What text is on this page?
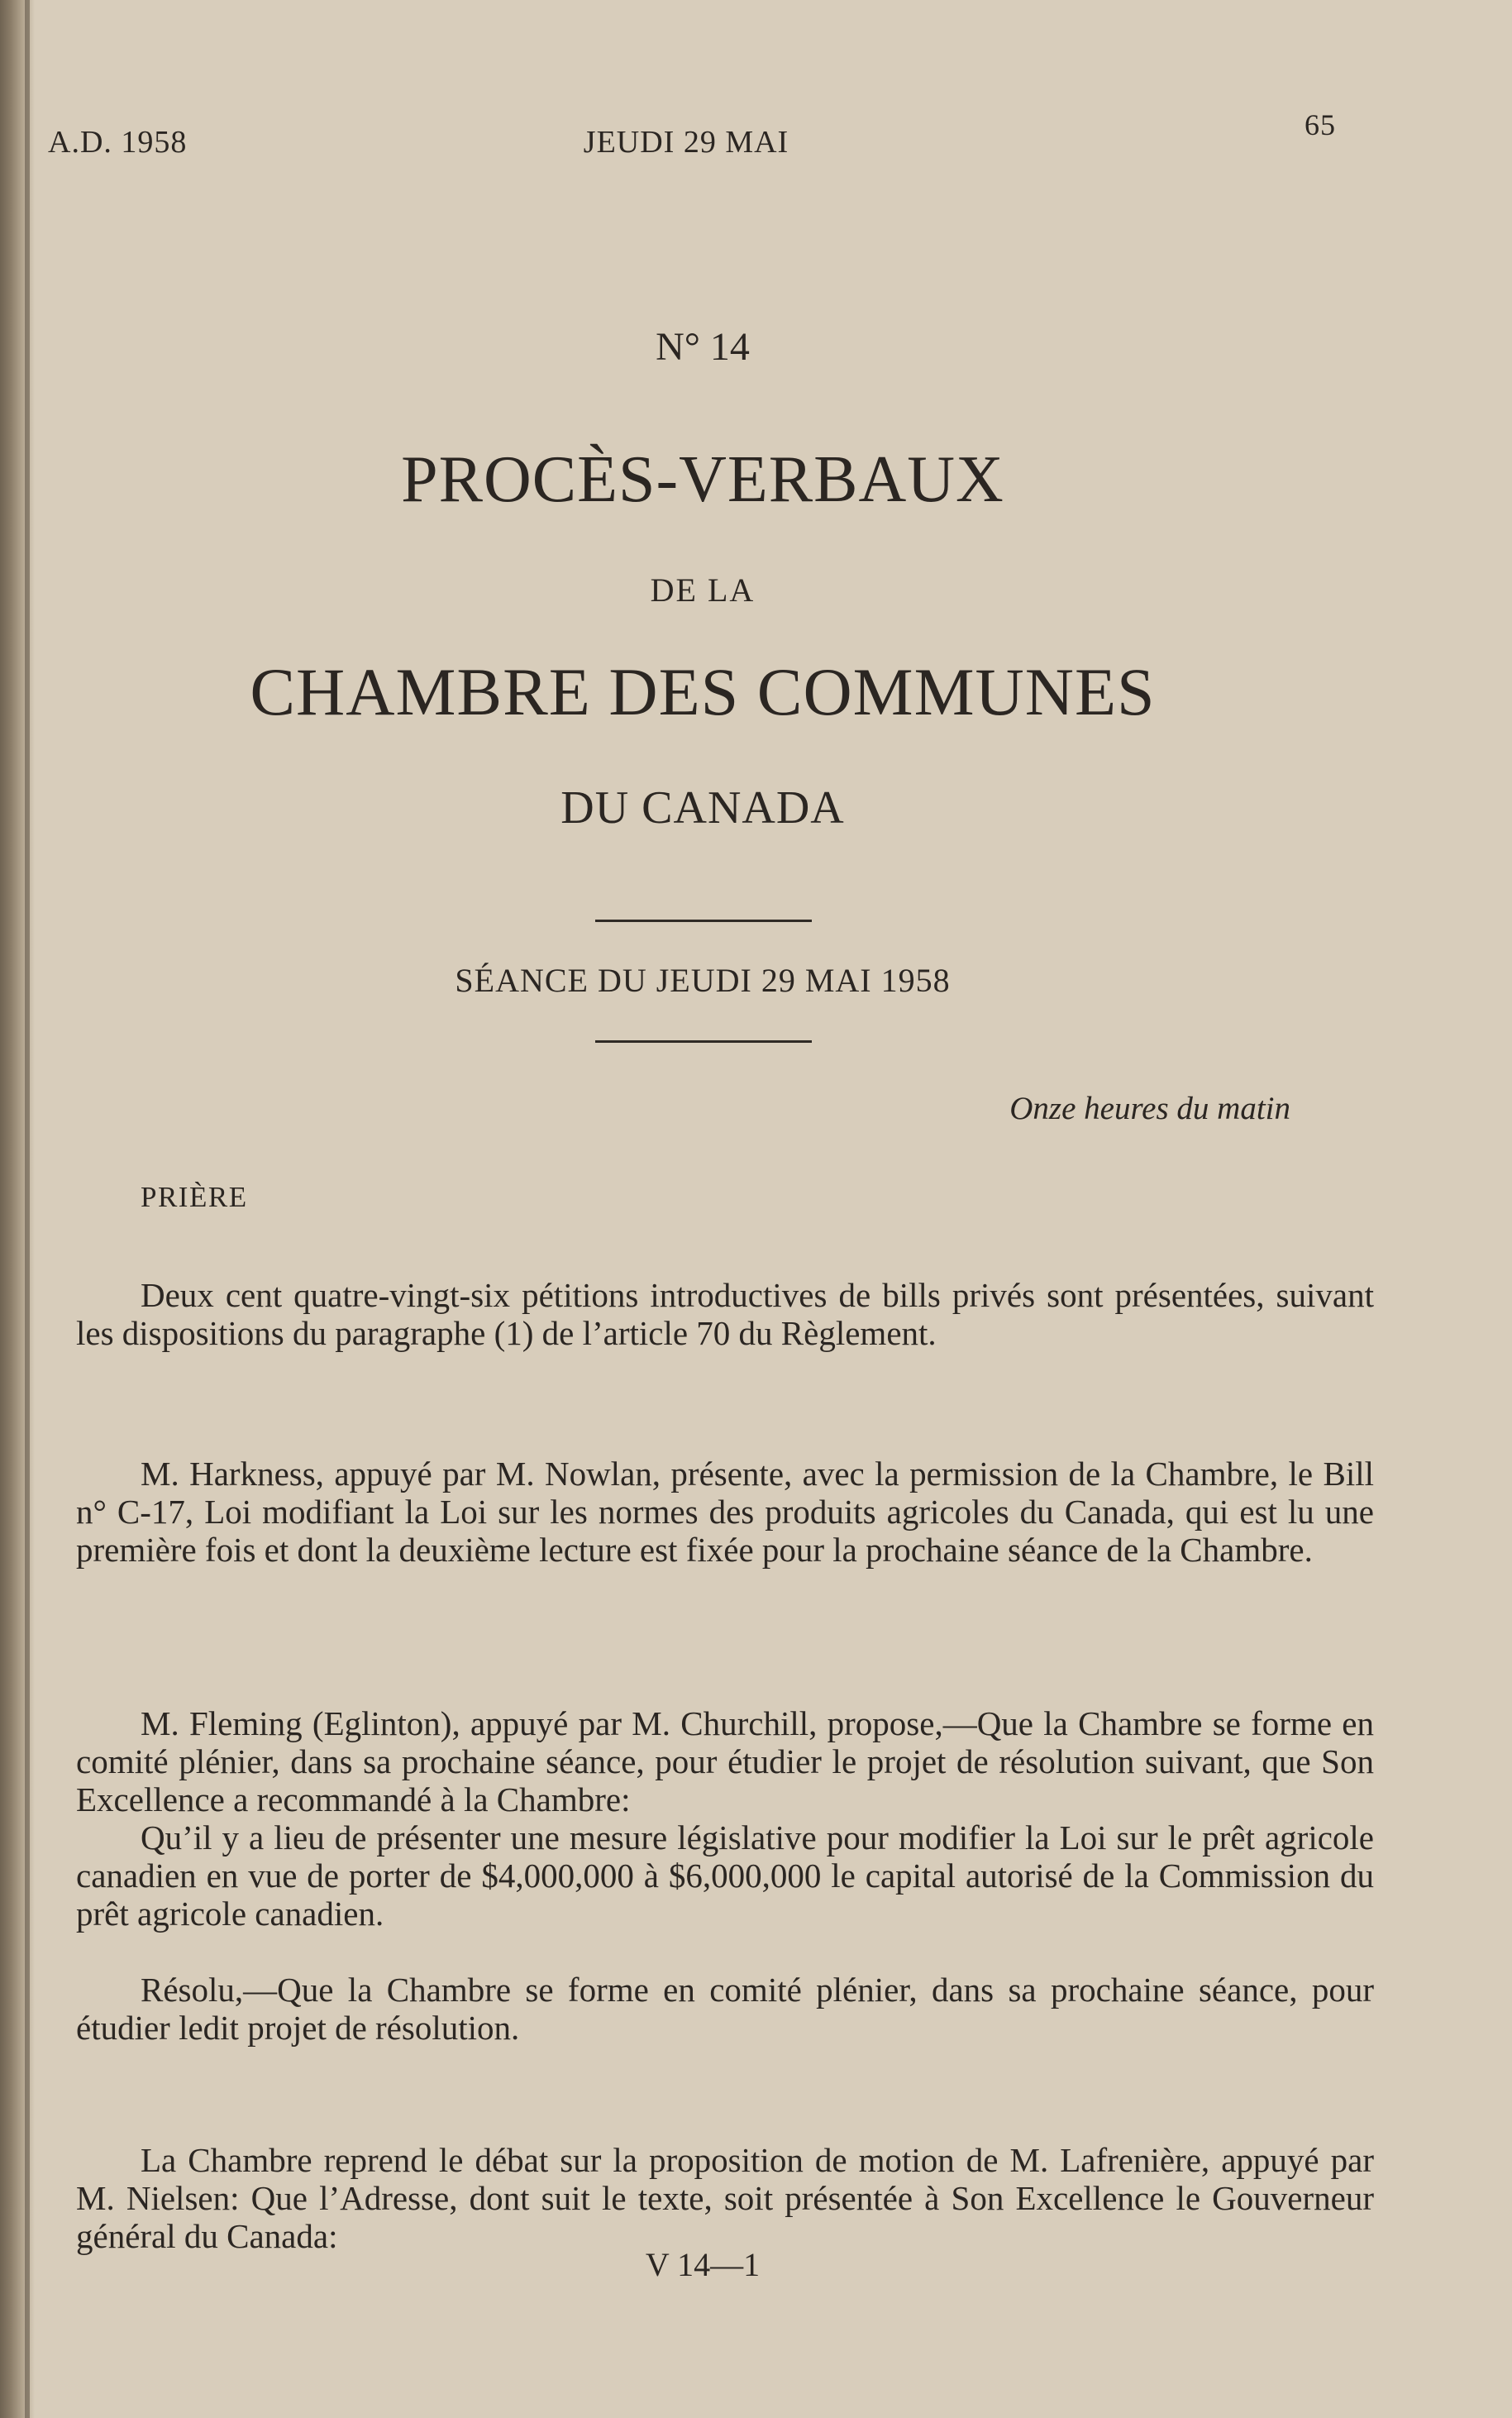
A.D. 1958	JEUDI 29 MAI	65
N° 14
PROCÈS-VERBAUX
DE LA
CHAMBRE DES COMMUNES
DU CANADA
SÉANCE DU JEUDI 29 MAI 1958
Onze heures du matin
PRIÈRE

Deux cent quatre-vingt-six pétitions introductives de bills privés sont présentées, suivant les dispositions du paragraphe (1) de l’article 70 du Règlement.

M. Harkness, appuyé par M. Nowlan, présente, avec la permission de la Chambre, le Bill n° C-17, Loi modifiant la Loi sur les normes des produits agricoles du Canada, qui est lu une première fois et dont la deuxième lecture est fixée pour la prochaine séance de la Chambre.

M. Fleming (Eglinton), appuyé par M. Churchill, propose,—Que la Chambre se forme en comité plénier, dans sa prochaine séance, pour étudier le projet de résolution suivant, que Son Excellence a recommandé à la Chambre:

Qu’il y a lieu de présenter une mesure législative pour modifier la Loi sur le prêt agricole canadien en vue de porter de $4,000,000 à $6,000,000 le capital autorisé de la Commission du prêt agricole canadien.

Résolu,—Que la Chambre se forme en comité plénier, dans sa prochaine séance, pour étudier ledit projet de résolution.

La Chambre reprend le débat sur la proposition de motion de M. Lafrenière, appuyé par M. Nielsen: Que l’Adresse, dont suit le texte, soit présentée à Son Excellence le Gouverneur général du Canada:

V 14—1
